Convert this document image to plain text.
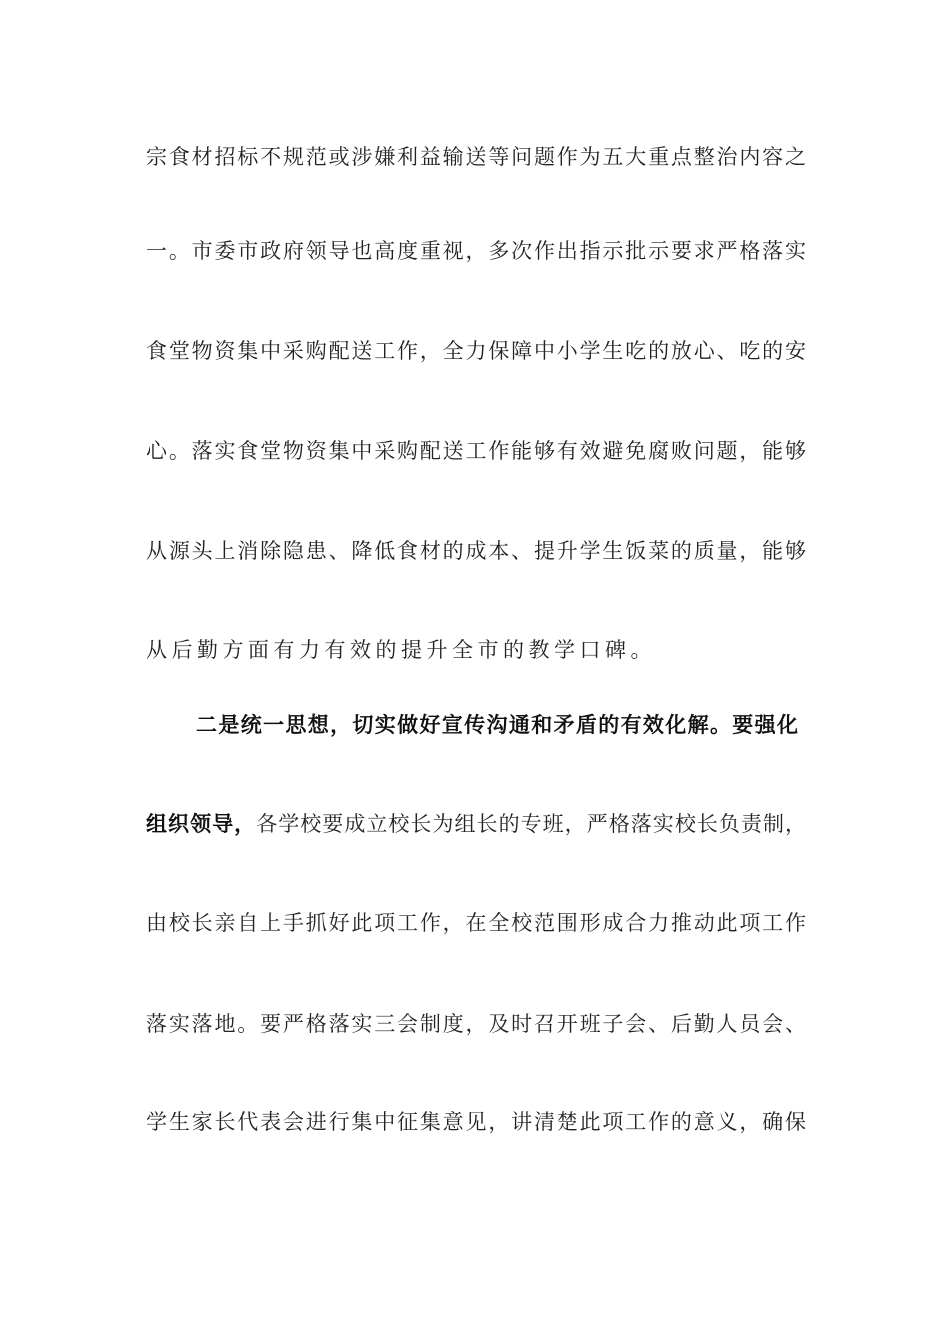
宗食材招标不规范或涉嫌利益输送等问题作为五大重点整治内容之
一。市委市政府领导也高度重视，多次作出指示批示要求严格落实
食堂物资集中采购配送工作，全力保障中小学生吃的放心、吃的安
心。落实食堂物资集中采购配送工作能够有效避免腐败问题，能够
从源头上消除隐患、降低食材的成本、提升学生饭菜的质量，能够
从后勤方面有力有效的提升全市的教学口碑。
二是统一思想，切实做好宣传沟通和矛盾的有效化解。要强化
组织领导，各学校要成立校长为组长的专班，严格落实校长负责制，
由校长亲自上手抓好此项工作，在全校范围形成合力推动此项工作
落实落地。要严格落实三会制度，及时召开班子会、后勤人员会、
学生家长代表会进行集中征集意见，讲清楚此项工作的意义，确保
